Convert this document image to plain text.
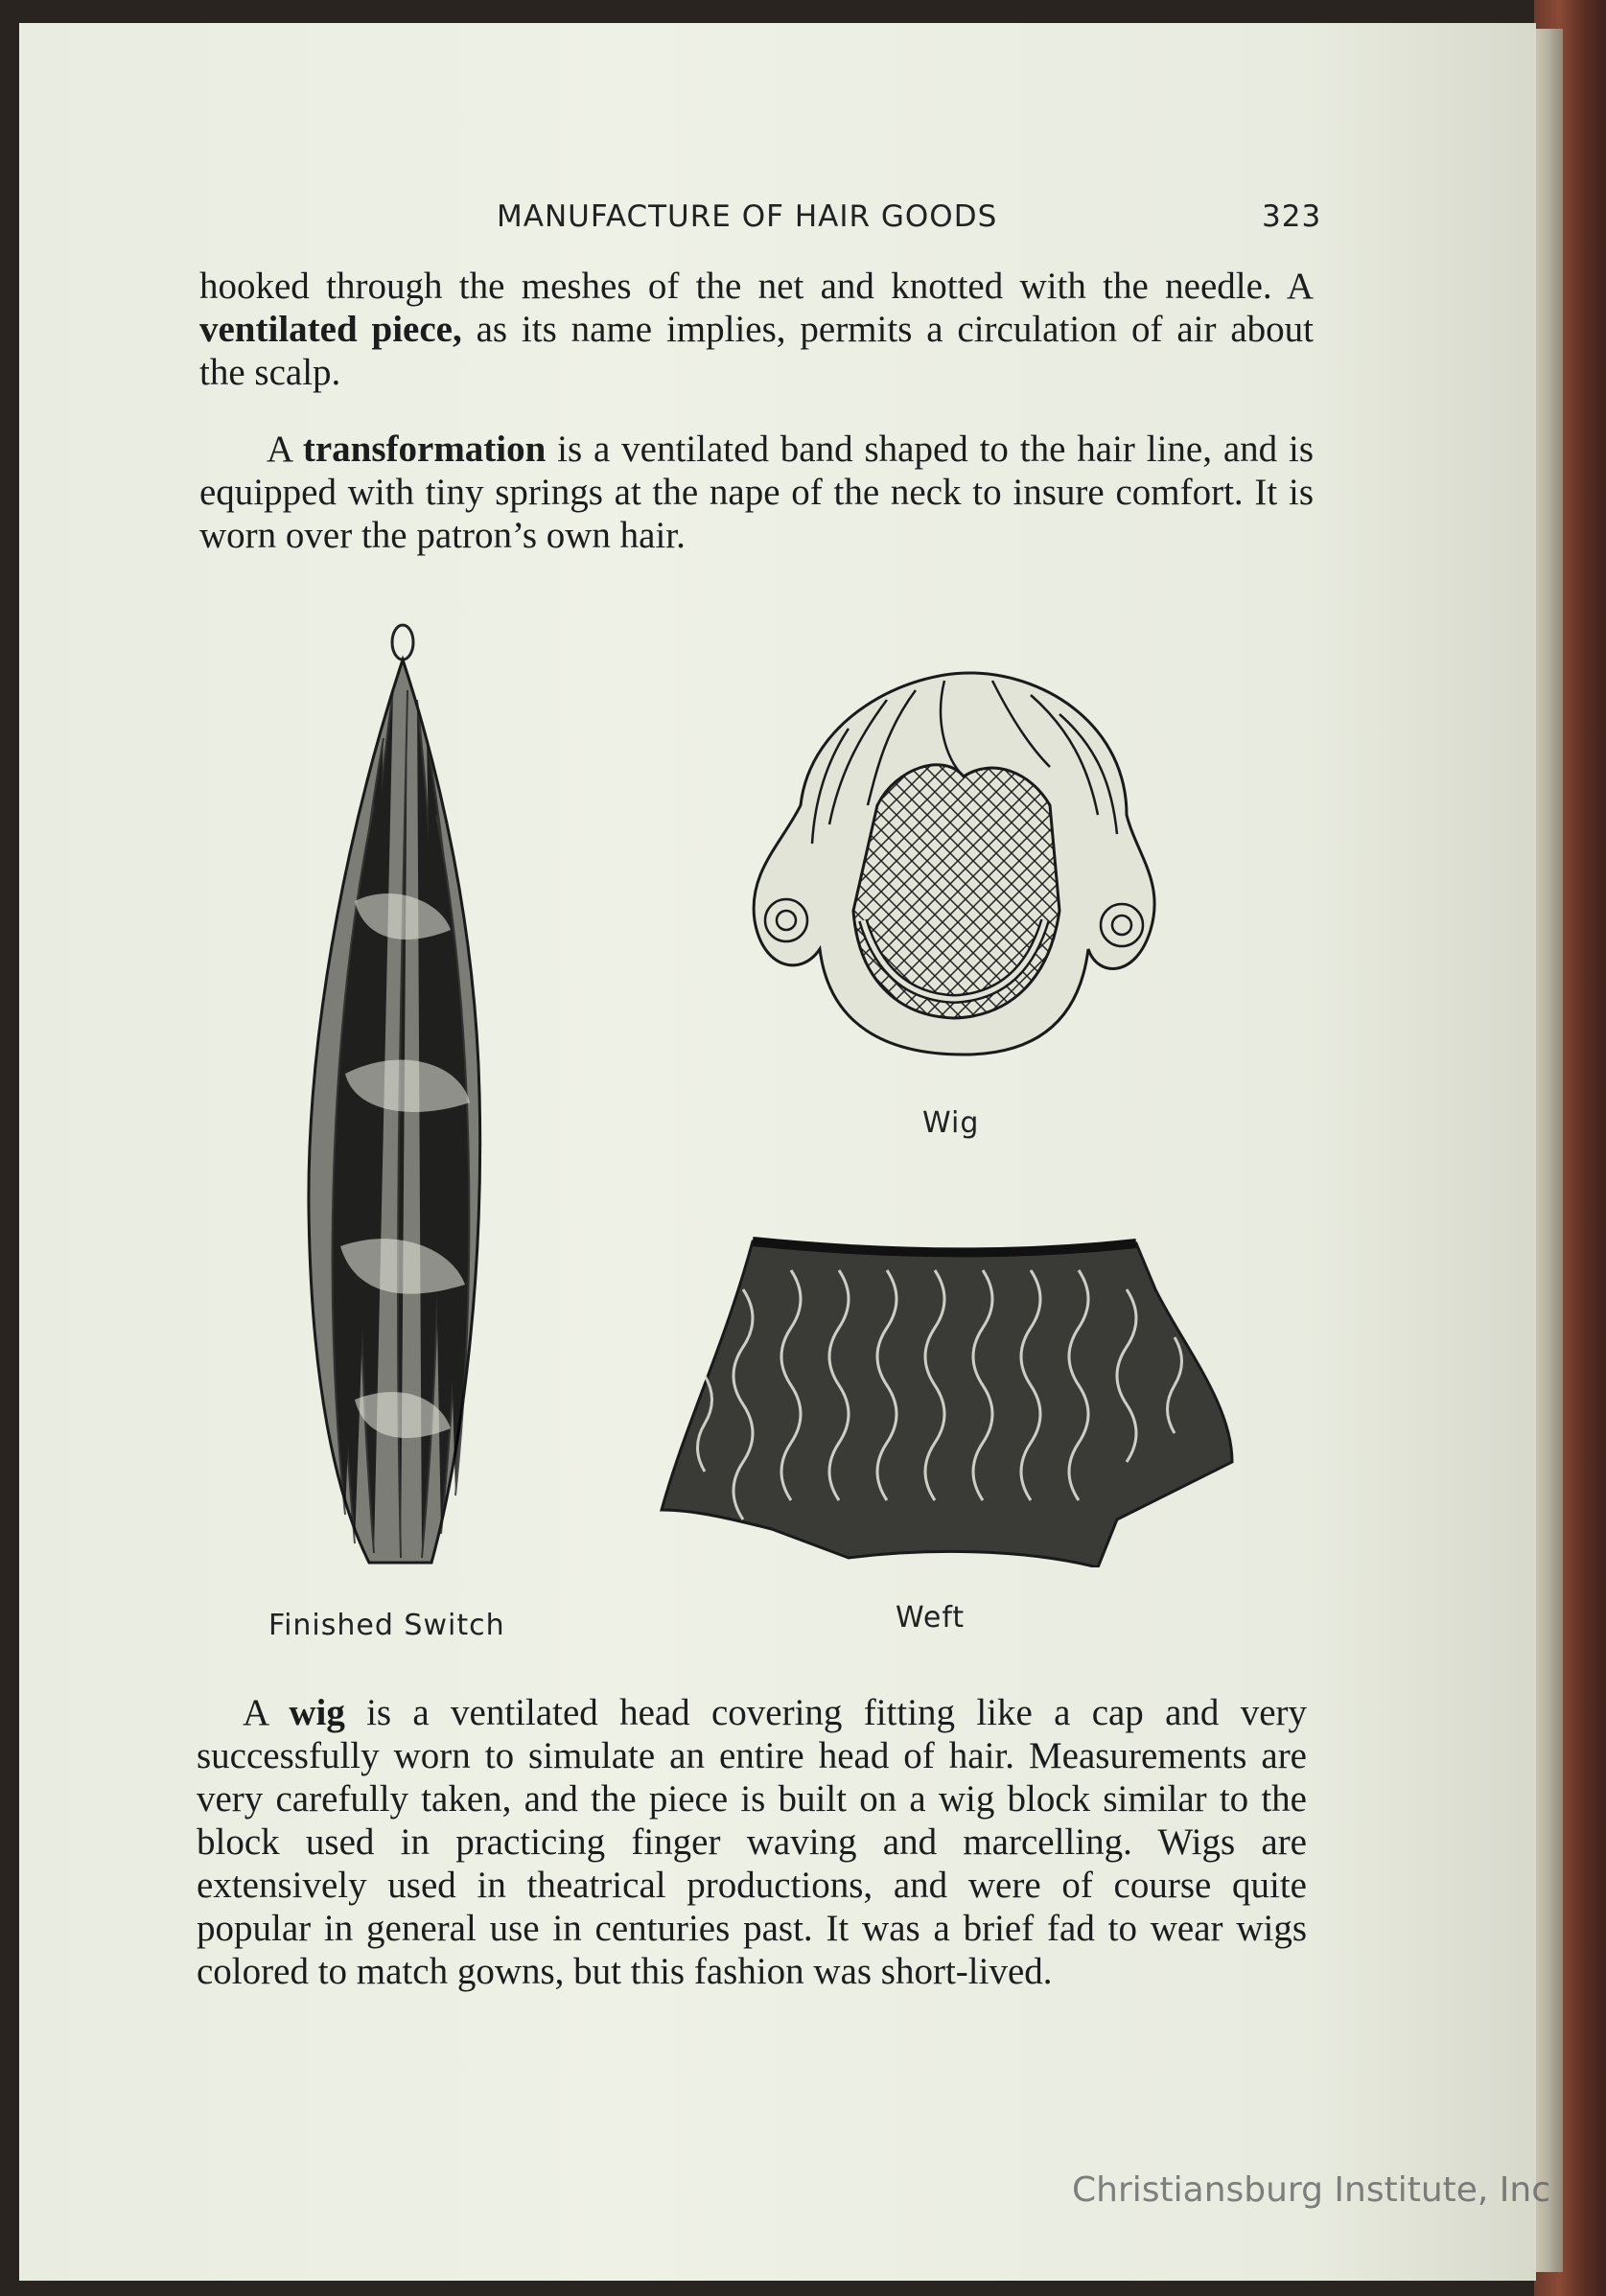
MANUFACTURE OF HAIR GOODS	323

hooked through the meshes of the net and knotted with the needle. A ventilated piece, as its name implies, permits a circulation of air about the scalp.

A transformation is a ventilated band shaped to the hair line, and is equipped with tiny springs at the nape of the neck to insure comfort. It is worn over the patron’s own hair.

Finished Switch
Wig
Weft

A wig is a ventilated head covering fitting like a cap and very successfully worn to simulate an entire head of hair. Measurements are very carefully taken, and the piece is built on a wig block similar to the block used in practicing finger waving and marcelling. Wigs are extensively used in theatrical productions, and were of course quite popular in general use in centuries past. It was a brief fad to wear wigs colored to match gowns, but this fashion was short-lived.

Christiansburg Institute, Inc
